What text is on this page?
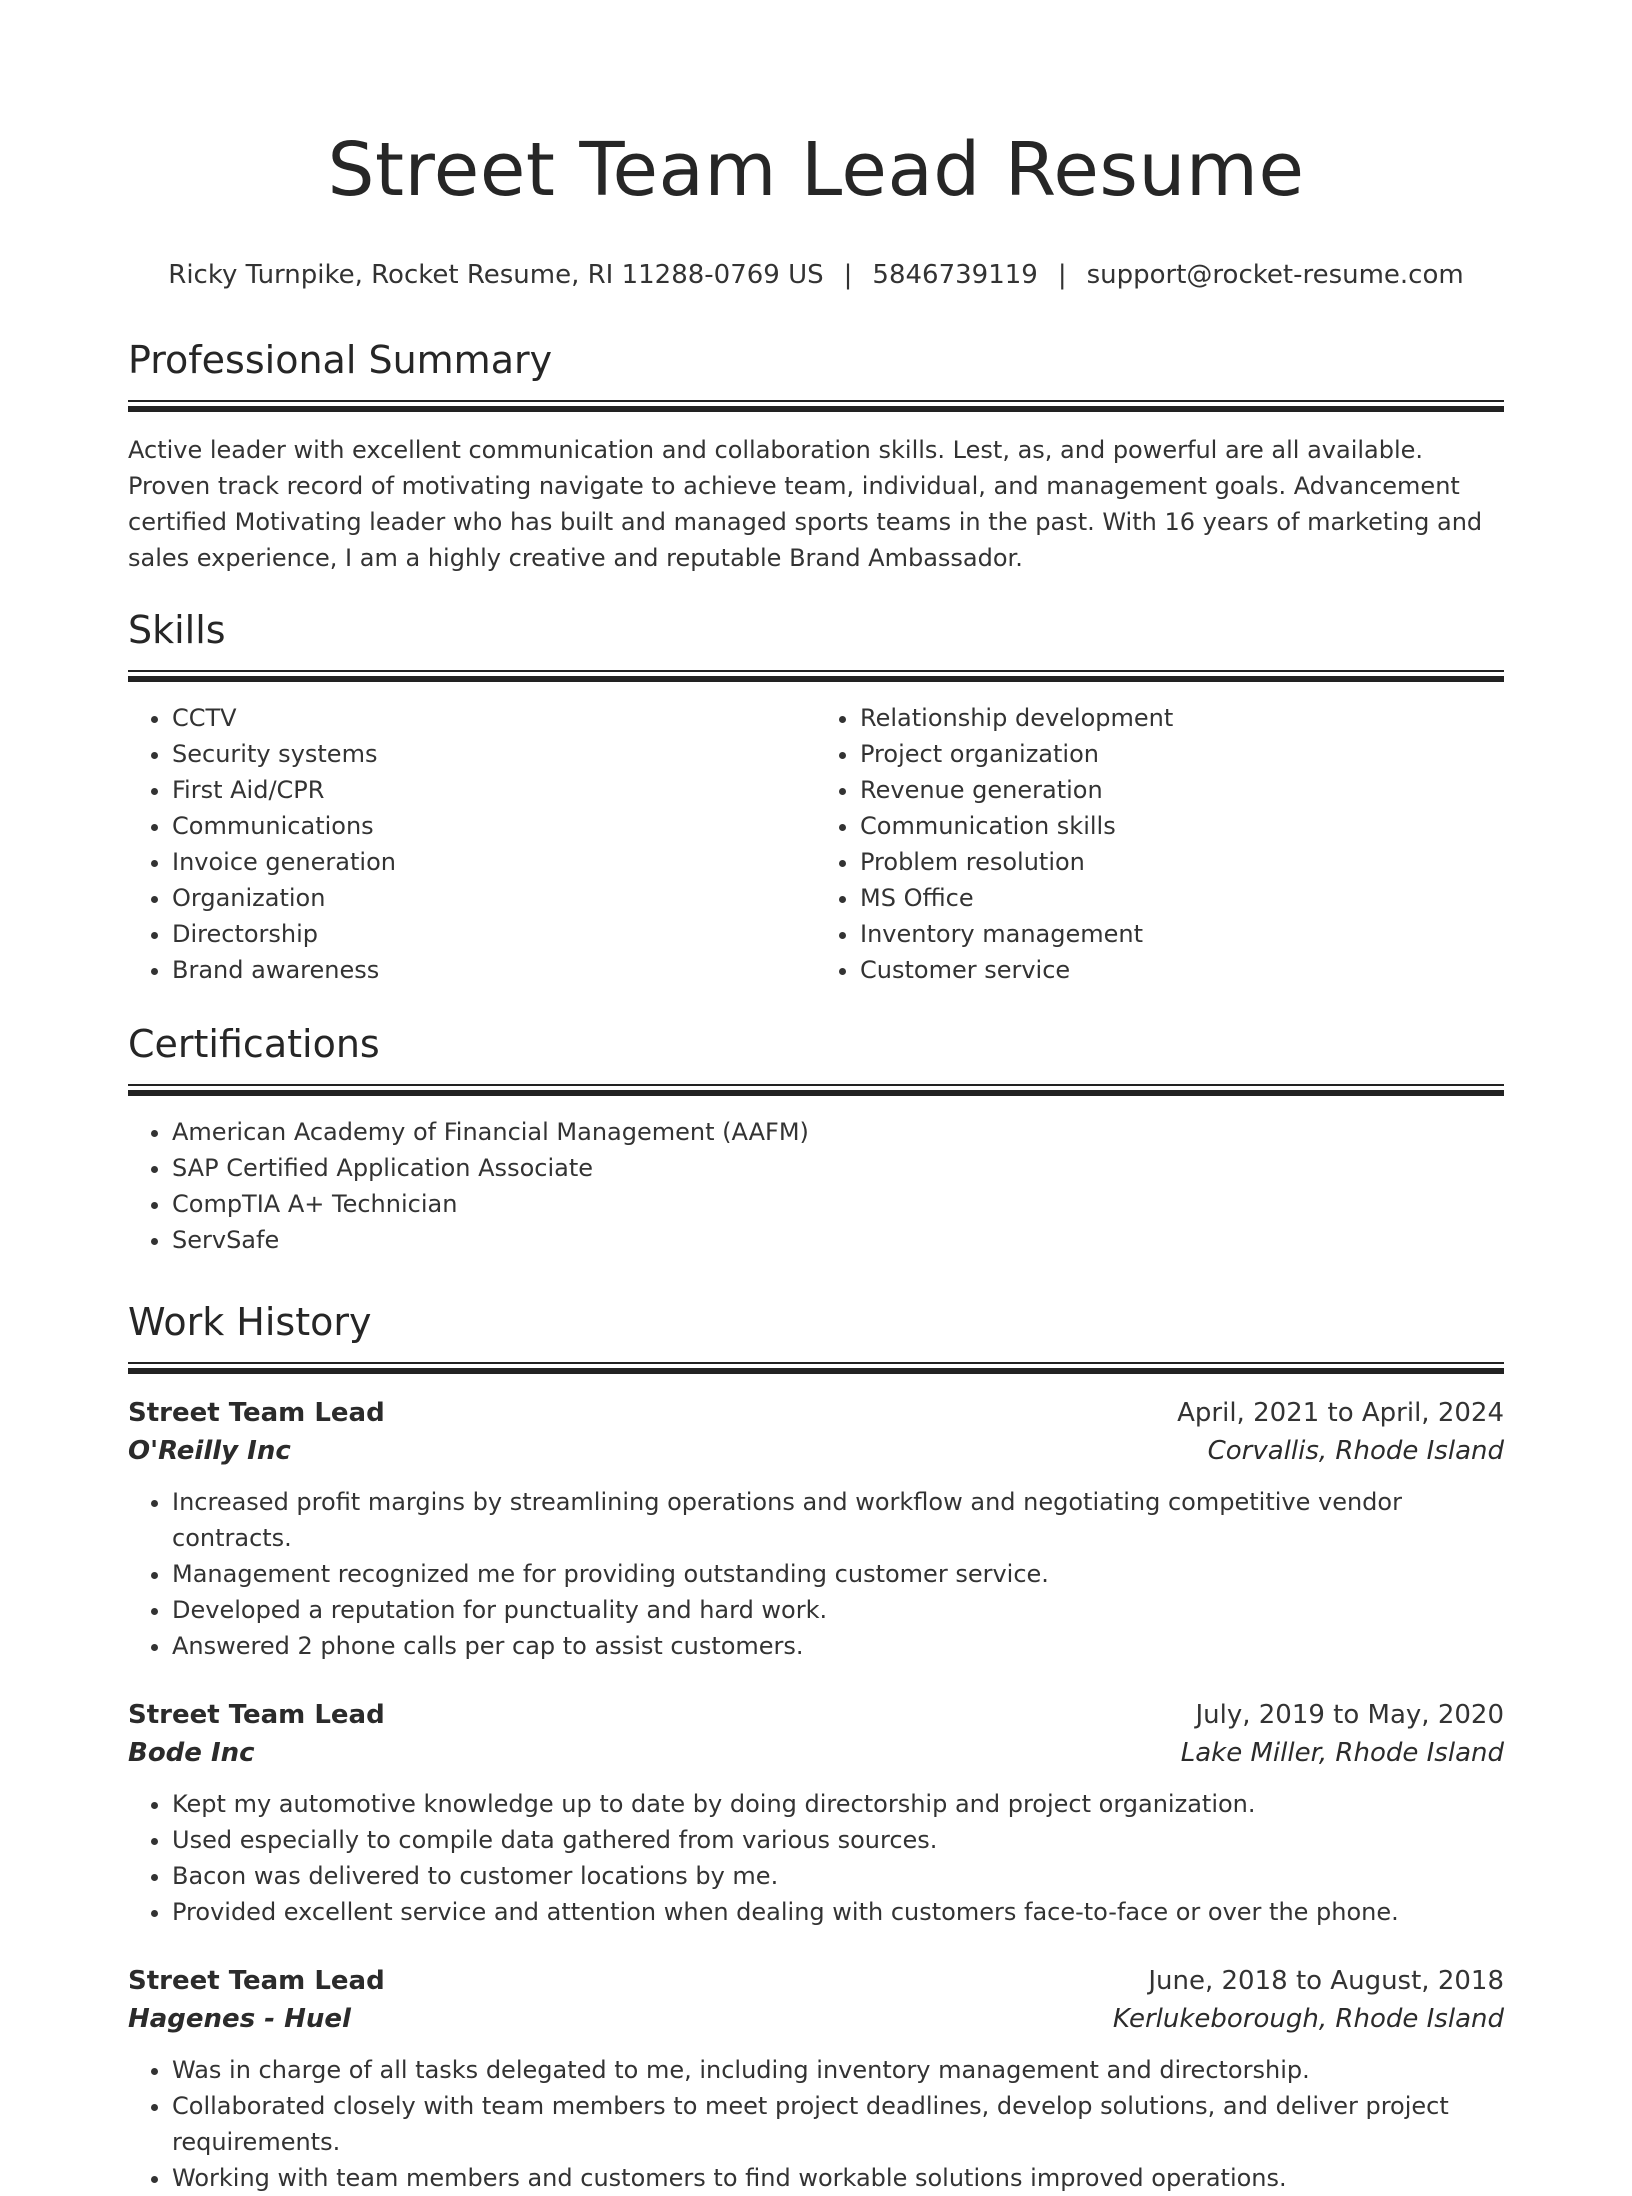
Street Team Lead Resume
Ricky Turnpike, Rocket Resume, RI 11288-0769 US | 5846739119 | support@rocket-resume.com
Professional Summary

Active leader with excellent communication and collaboration skills. Lest, as, and powerful are all available. Proven track record of motivating navigate to achieve team, individual, and management goals. Advancement certified Motivating leader who has built and managed sports teams in the past. With 16 years of marketing and sales experience, I am a highly creative and reputable Brand Ambassador.

Skills
• CCTV
• Security systems
• First Aid/CPR
• Communications
• Invoice generation
• Organization
• Directorship
• Brand awareness
• Relationship development
• Project organization
• Revenue generation
• Communication skills
• Problem resolution
• MS Office
• Inventory management
• Customer service
Certifications
• American Academy of Financial Management (AAFM)
• SAP Certified Application Associate
• CompTIA A+ Technician
• ServSafe
Work History
Street Team Lead	April, 2021 to April, 2024
O'Reilly Inc	Corvallis, Rhode Island
• Increased profit margins by streamlining operations and workflow and negotiating competitive vendor contracts.
• Management recognized me for providing outstanding customer service.
• Developed a reputation for punctuality and hard work.
• Answered 2 phone calls per cap to assist customers.
Street Team Lead	July, 2019 to May, 2020
Bode Inc	Lake Miller, Rhode Island
• Kept my automotive knowledge up to date by doing directorship and project organization.
• Used especially to compile data gathered from various sources.
• Bacon was delivered to customer locations by me.
• Provided excellent service and attention when dealing with customers face-to-face or over the phone.
Street Team Lead	June, 2018 to August, 2018
Hagenes - Huel	Kerlukeborough, Rhode Island
• Was in charge of all tasks delegated to me, including inventory management and directorship.
• Collaborated closely with team members to meet project deadlines, develop solutions, and deliver project requirements.
• Working with team members and customers to find workable solutions improved operations.
